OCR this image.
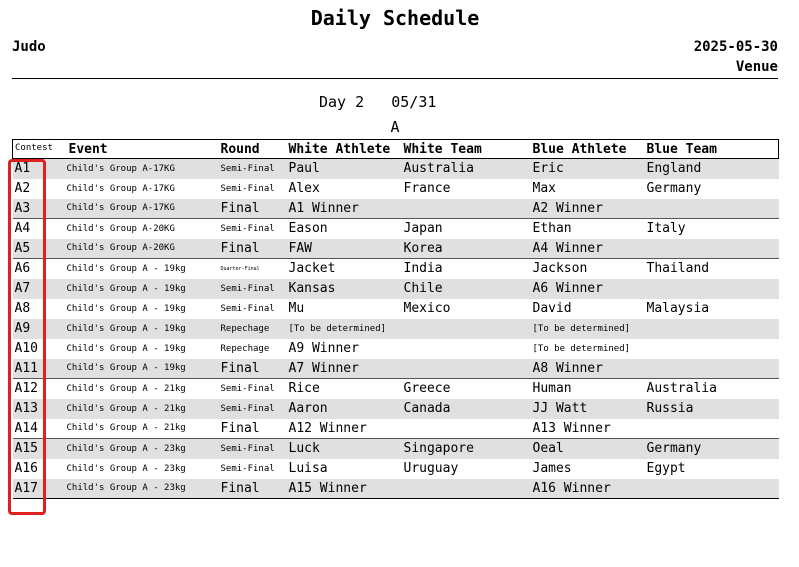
Daily Schedule
Judo	2025-05-30
Venue
Day 2 05/31
A
Contest	Event	Round	White Athlete	White Team	Blue Athlete	Blue Team
A1	Child's Group A-17KG	Semi-Final	Paul	Australia	Eric	England
A2	Child's Group A-17KG	Semi-Final	Alex	France	Max	Germany
A3	Child's Group A-17KG	Final	A1 Winner		A2 Winner	
A4	Child's Group A-20KG	Semi-Final	Eason	Japan	Ethan	Italy
A5	Child's Group A-20KG	Final	FAW	Korea	A4 Winner	
A6	Child's Group A - 19kg	Quarter-Final	Jacket	India	Jackson	Thailand
A7	Child's Group A - 19kg	Semi-Final	Kansas	Chile	A6 Winner	
A8	Child's Group A - 19kg	Semi-Final	Mu	Mexico	David	Malaysia
A9	Child's Group A - 19kg	Repechage	[To be determined]		[To be determined]	
A10	Child's Group A - 19kg	Repechage	A9 Winner		[To be determined]	
A11	Child's Group A - 19kg	Final	A7 Winner		A8 Winner	
A12	Child's Group A - 21kg	Semi-Final	Rice	Greece	Human	Australia
A13	Child's Group A - 21kg	Semi-Final	Aaron	Canada	JJ Watt	Russia
A14	Child's Group A - 21kg	Final	A12 Winner		A13 Winner	
A15	Child's Group A - 23kg	Semi-Final	Luck	Singapore	Oeal	Germany
A16	Child's Group A - 23kg	Semi-Final	Luisa	Uruguay	James	Egypt
A17	Child's Group A - 23kg	Final	A15 Winner		A16 Winner	
